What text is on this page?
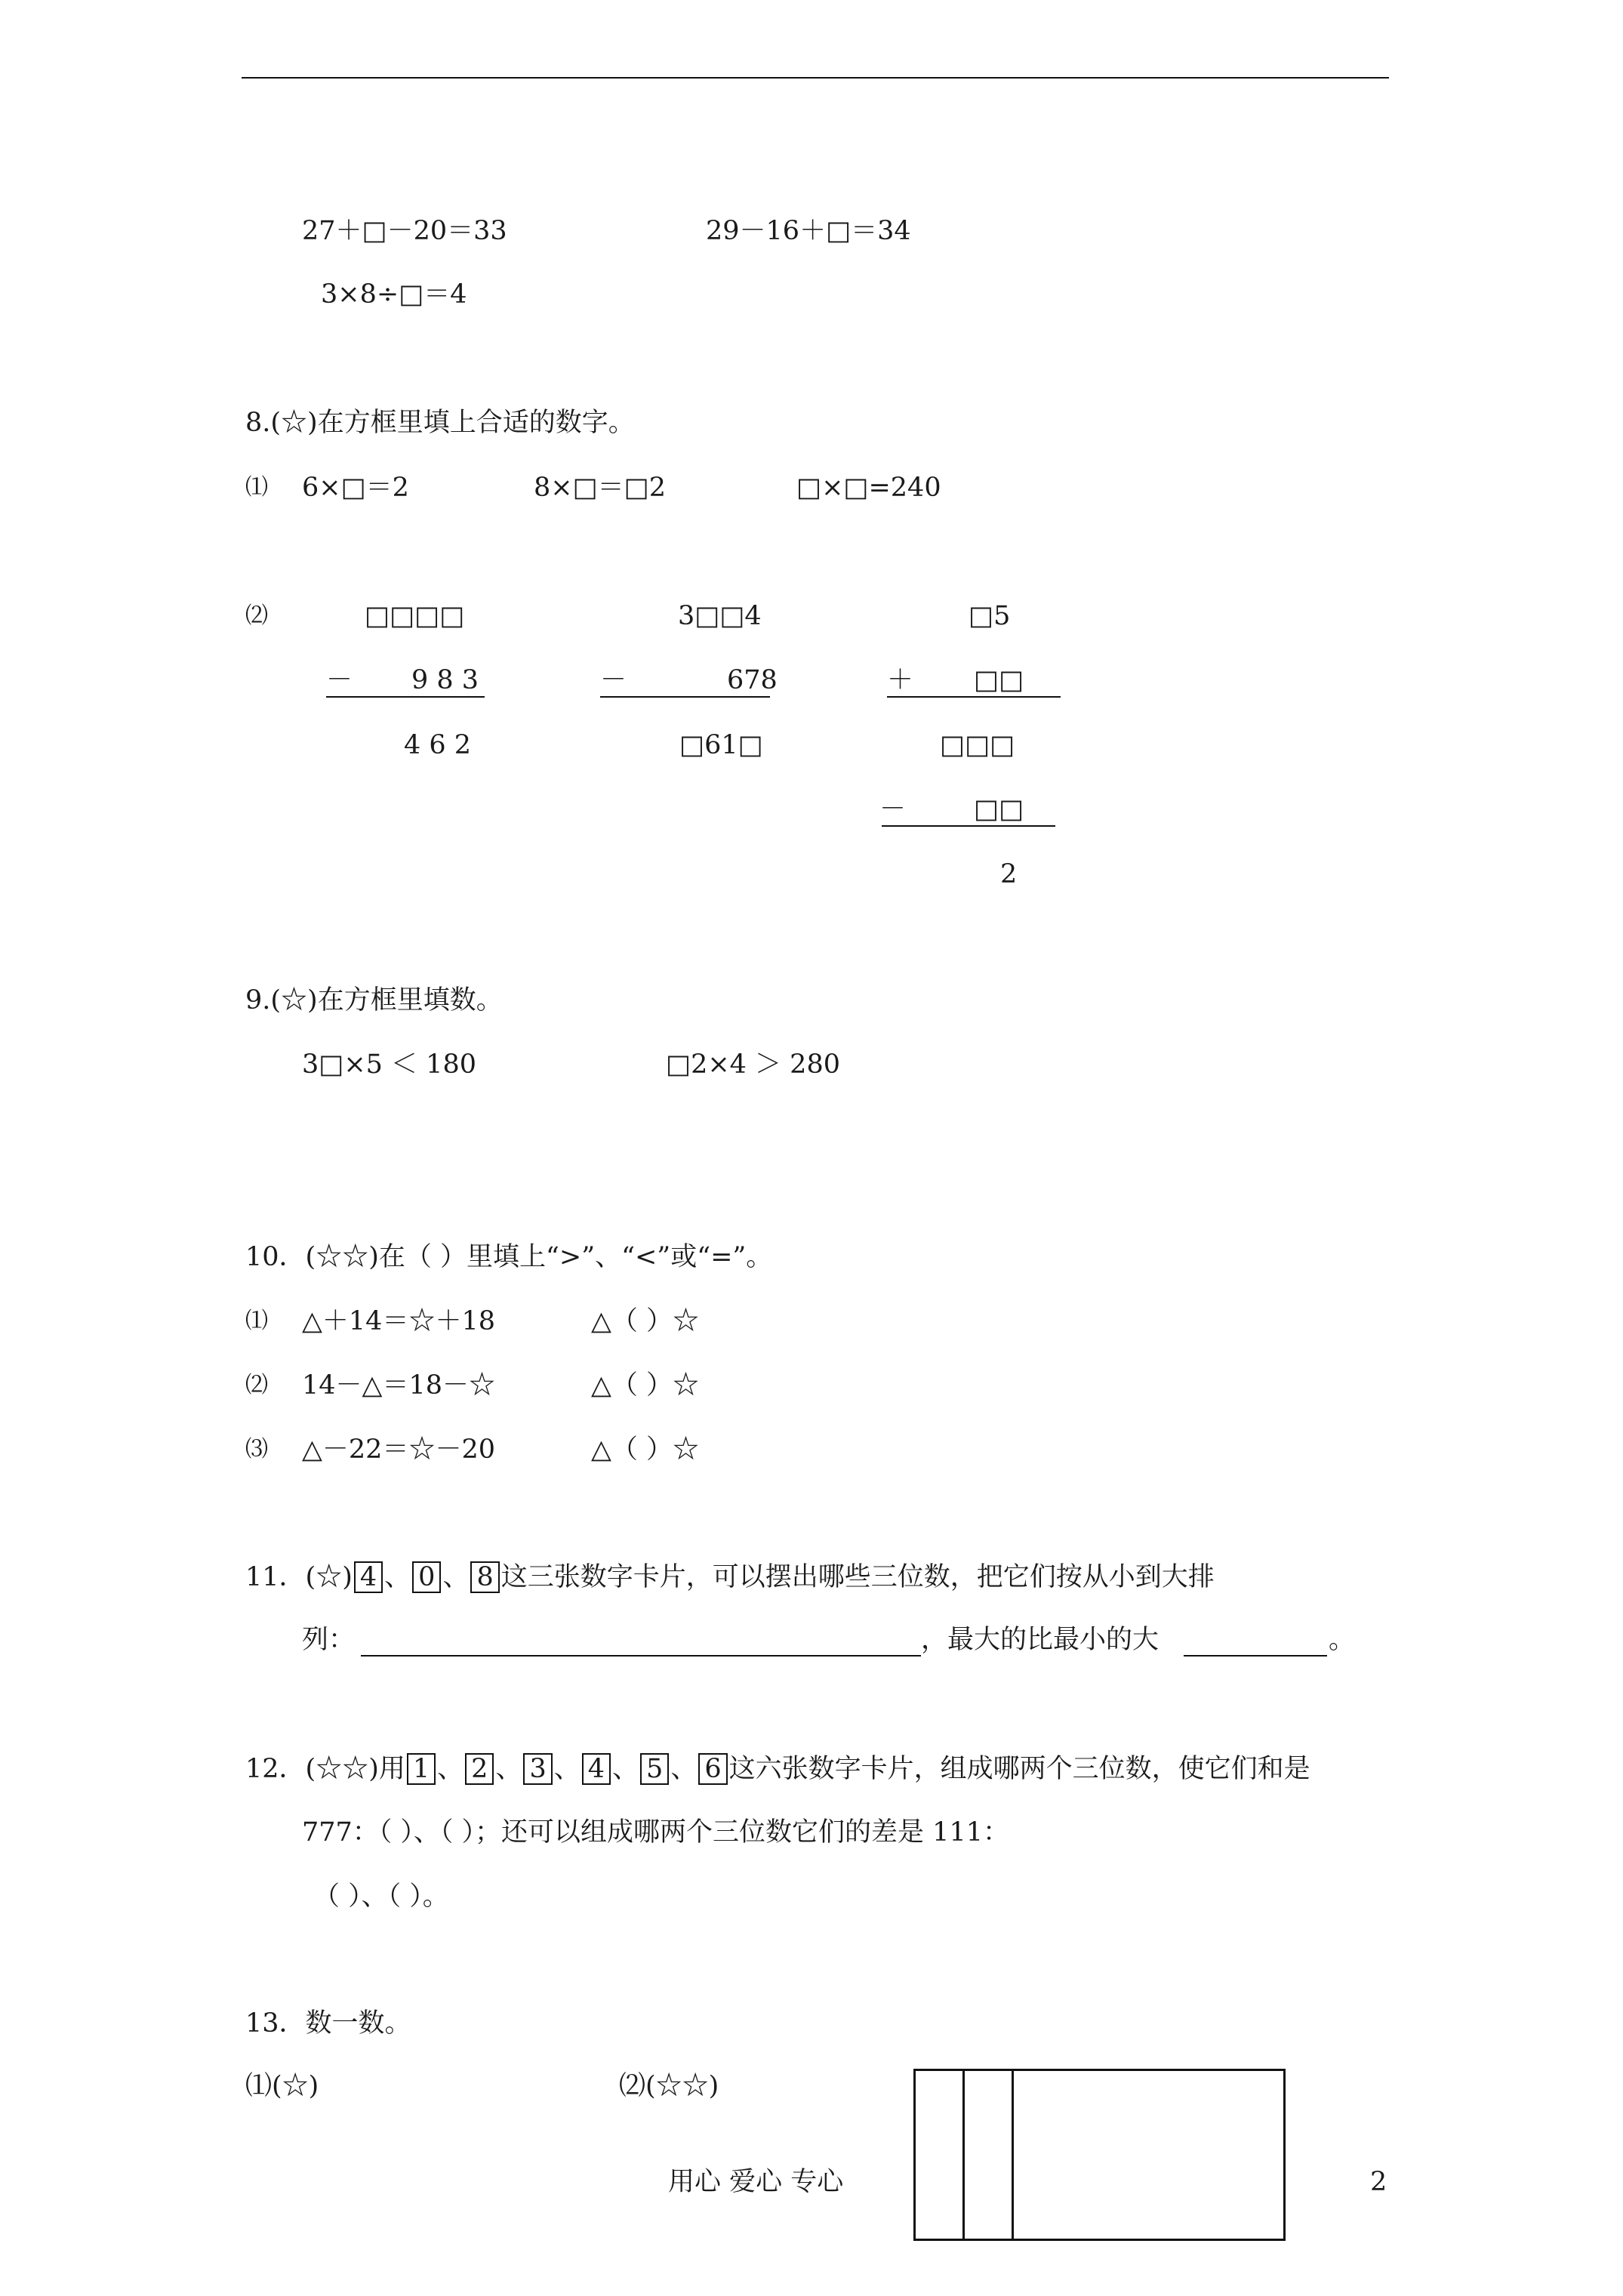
27＋□－20＝33	29－16＋□＝34
3×8÷□＝4
8.(☆)在方框里填上合适的数字。
⑴ 6×□＝2	8×□＝□2	□×□=240
⑵	□□□□
－ 9 8 3
4 6 2
3□□4
－	678
□61□
□5
＋ □□
□□□
－	□□
2
9.(☆)在方框里填数。
3□×5 ＜ 180	□2×4 ＞ 280
10．(☆☆)在（ ）里填上“>”、“<”或“=”。
⑴ △＋14＝☆＋18	△（ ）☆
⑵ 14－△＝18－☆	△（ ）☆
⑶ △－22＝☆－20	△（ ）☆
11．(☆) 4 、 0 、 8 这三张数字卡片，可以摆出哪些三位数，把它们按从小到大排
列：	，最大的比最小的大	。
12．(☆☆)用 1 、 2 、 3 、 4 、 5 、 6 这六张数字卡片，组成哪两个三位数，使它们和是
777：（ ）、（ ）；还可以组成哪两个三位数它们的差是 111：
（ ）、（ ）。
13．数一数。
⑴(☆)	⑵(☆☆)
用心 爱心 专心	2
